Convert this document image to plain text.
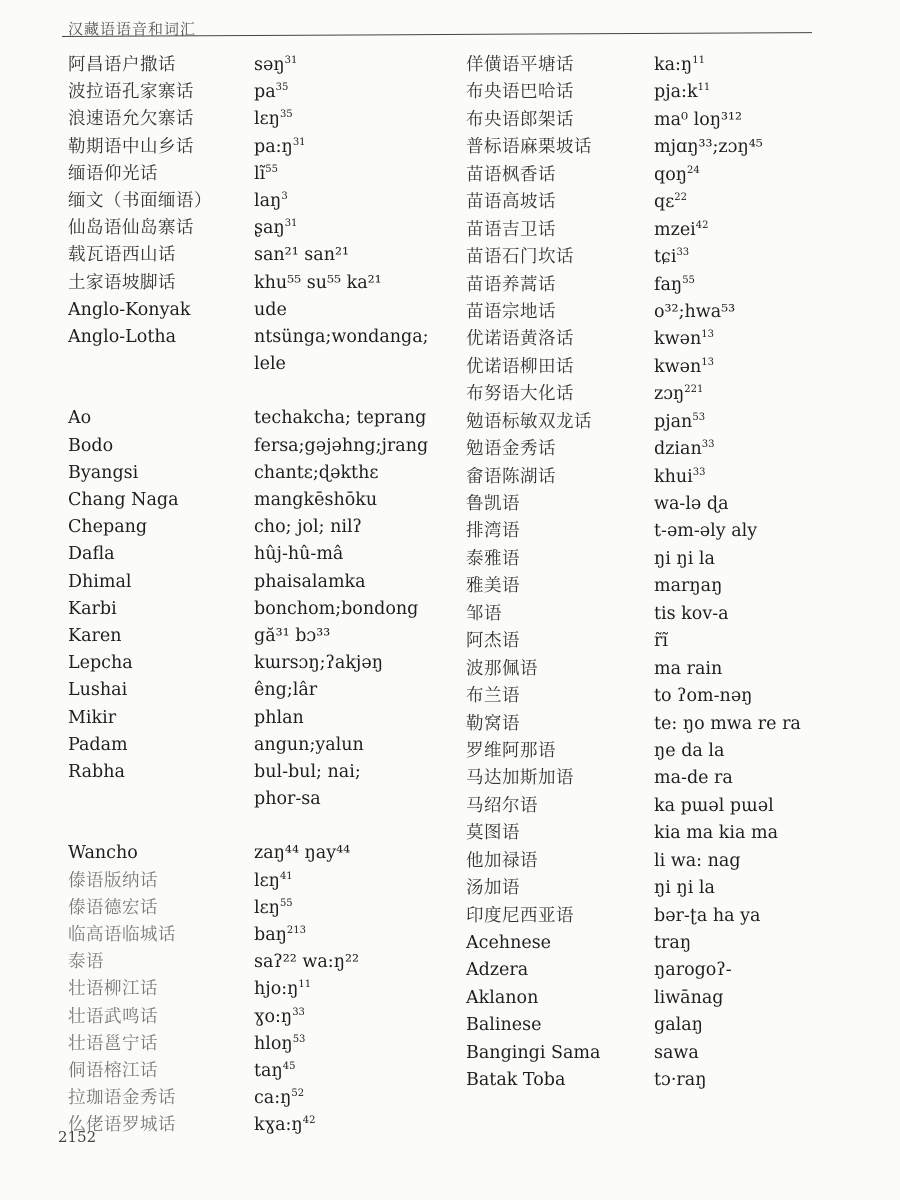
汉藏语语音和词汇
阿昌语户撒话	səŋ$^{31}$
波拉语孔家寨话	$pa^{35}$
浪速语允欠寨话	lɛŋ$^{35}$
勒期语中山乡话	$pa:ŋ^{31}$
缅语仰光话	$lĩ^{55}$
缅文（书面缅语）	laŋ$^3$
仙岛语仙岛寨话	ʂaŋ$^{31}$
载瓦语西山话	san²¹ san²¹
土家语坡脚话	khu⁵⁵ su⁵⁵ ka²¹
Anglo-Konyak	ude
Anglo-Lotha	ntsünga;wondanga;
lele
Ao	techakcha; teprang
Bodo	fersa;gəjəhng;jrang
Byangsi	chantɛ;ɖəkthɛ
Chang Naga	mangkēshōku
Chepang	cho; jol; nilʔ
Dafla	hûj-hû-mâ
Dhimal	phaisalamka
Karbi	bonchom;bondong
Karen	gă³¹ bɔ³³
Lepcha	kɯrsɔŋ;ʔakjəŋ
Lushai	êng;lâr
Mikir	phlan
Padam	angun;yalun
Rabha	bul-bul; nai;
phor-sa
Wancho	zaŋ⁴⁴ ŋay⁴⁴
傣语版纳话	lɛŋ$^{41}$
傣语德宏话	lɛŋ$^{55}$
临高语临城话	baŋ$^{213}$
泰语	saʔ²² wa:ŋ²²
壮语柳江话	$hjo:ŋ^{11}$
壮语武鸣话	$ɣo:ŋ^{33}$
壮语邕宁话	hloŋ$^{53}$
侗语榕江话	taŋ$^{45}$
拉珈语金秀话	$ca:ŋ^{52}$
仫佬语罗城话	$kɣa:ŋ^{42}$
佯僙语平塘话	$ka:ŋ^{11}$
布央语巴哈话	$pja:k^{11}$
布央语郎架话	ma⁰ loŋ³¹²
普标语麻栗坡话	mjɑŋ³³;zɔŋ⁴⁵
苗语枫香话	qoŋ$^{24}$
苗语高坡话	qɛ$^{22}$
苗语吉卫话	mzei$^{42}$
苗语石门坎话	tɕi$^{33}$
苗语养蒿话	faŋ$^{55}$
苗语宗地话	o³²;hwa⁵³
优诺语黄洛话	kwən$^{13}$
优诺语柳田话	kwən$^{13}$
布努语大化话	zɔŋ$^{221}$
勉语标敏双龙话	pjan$^{53}$
勉语金秀话	dzian$^{33}$
畲语陈湖话	khui$^{33}$
鲁凯语	wa-lə ɖa
排湾语	t-əm-əly aly
泰雅语	ŋi ŋi la
雅美语	marŋaŋ
邹语	tis kov-a
阿杰语	r̃ĩ
波那佩语	ma rain
布兰语	to ʔom-nəŋ
勒窝语	te: ŋo mwa re ra
罗维阿那语	ŋe da la
马达加斯加语	ma-de ra
马绍尔语	ka pɯəl pɯəl
莫图语	kia ma kia ma
他加禄语	li wa: nag
汤加语	ŋi ŋi la
印度尼西亚语	bər-ʈa ha ya
Acehnese	traŋ
Adzera	ŋarogoʔ-
Aklanon	liwānag
Balinese	galaŋ
Bangingi Sama	sawa
Batak Toba	tɔ·raŋ
2152
